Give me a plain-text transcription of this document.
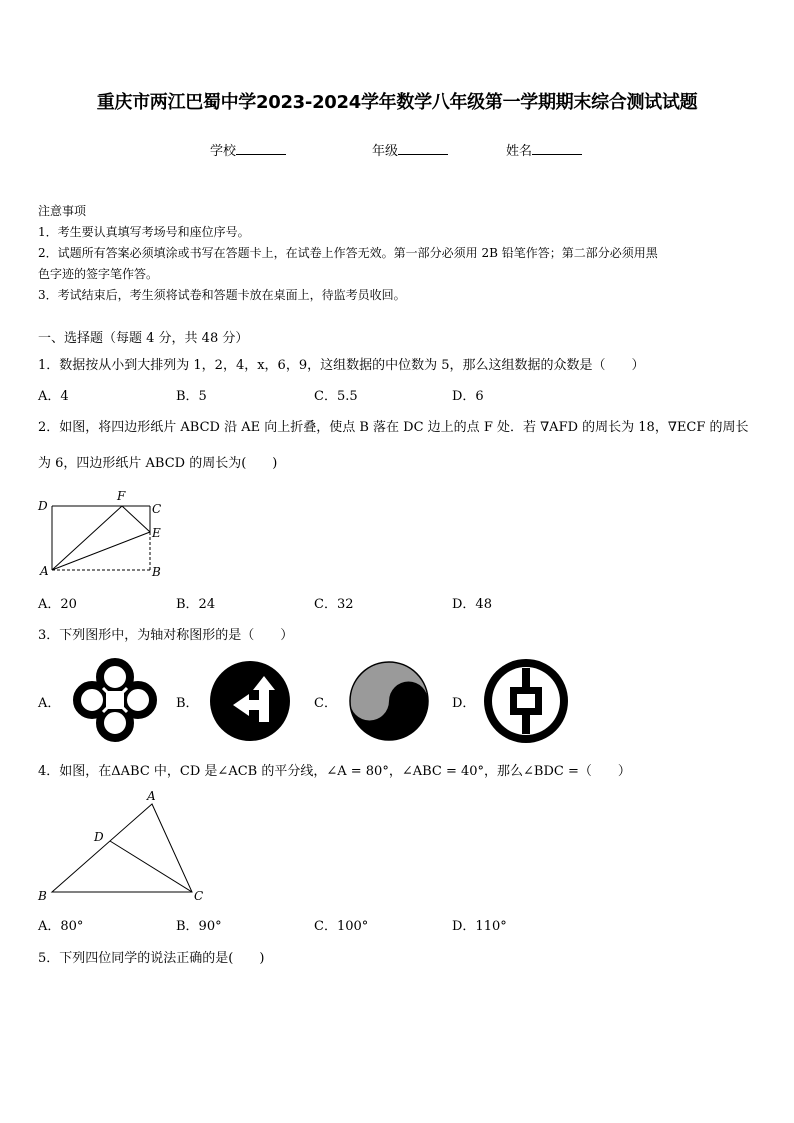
重庆市两江巴蜀中学2023-2024学年数学八年级第一学期期末综合测试试题
学校	年级	姓名
注意事项
1．考生要认真填写考场号和座位序号。
2．试题所有答案必须填涂或书写在答题卡上，在试卷上作答无效。第一部分必须用 2B 铅笔作答；第二部分必须用黑
色字迹的签字笔作答。
3．考试结束后，考生须将试卷和答题卡放在桌面上，待监考员收回。
一、选择题（每题 4 分，共 48 分）
1．数据按从小到大排列为 1，2，4，x，6，9，这组数据的中位数为 5，那么这组数据的众数是（　　）
A．4	B．5	C．5.5	D．6
2．如图，将四边形纸片 ABCD 沿 AE 向上折叠，使点 B 落在 DC 边上的点 F 处．若 ∇AFD 的周长为 18，∇ECF 的周长
为 6，四边形纸片 ABCD 的周长为(　　)
D
F
C
E
A	B
A．20	B．24	C．32	D．48
3．下列图形中，为轴对称图形的是（　　）
A．	B．	C．	D．
4．如图，在ΔABC 中，CD 是∠ACB 的平分线，∠A = 80°，∠ABC = 40°，那么∠BDC =（　　）
A
D
B	C
A．80°	B．90°	C．100°	D．110°
5．下列四位同学的说法正确的是(　　)
